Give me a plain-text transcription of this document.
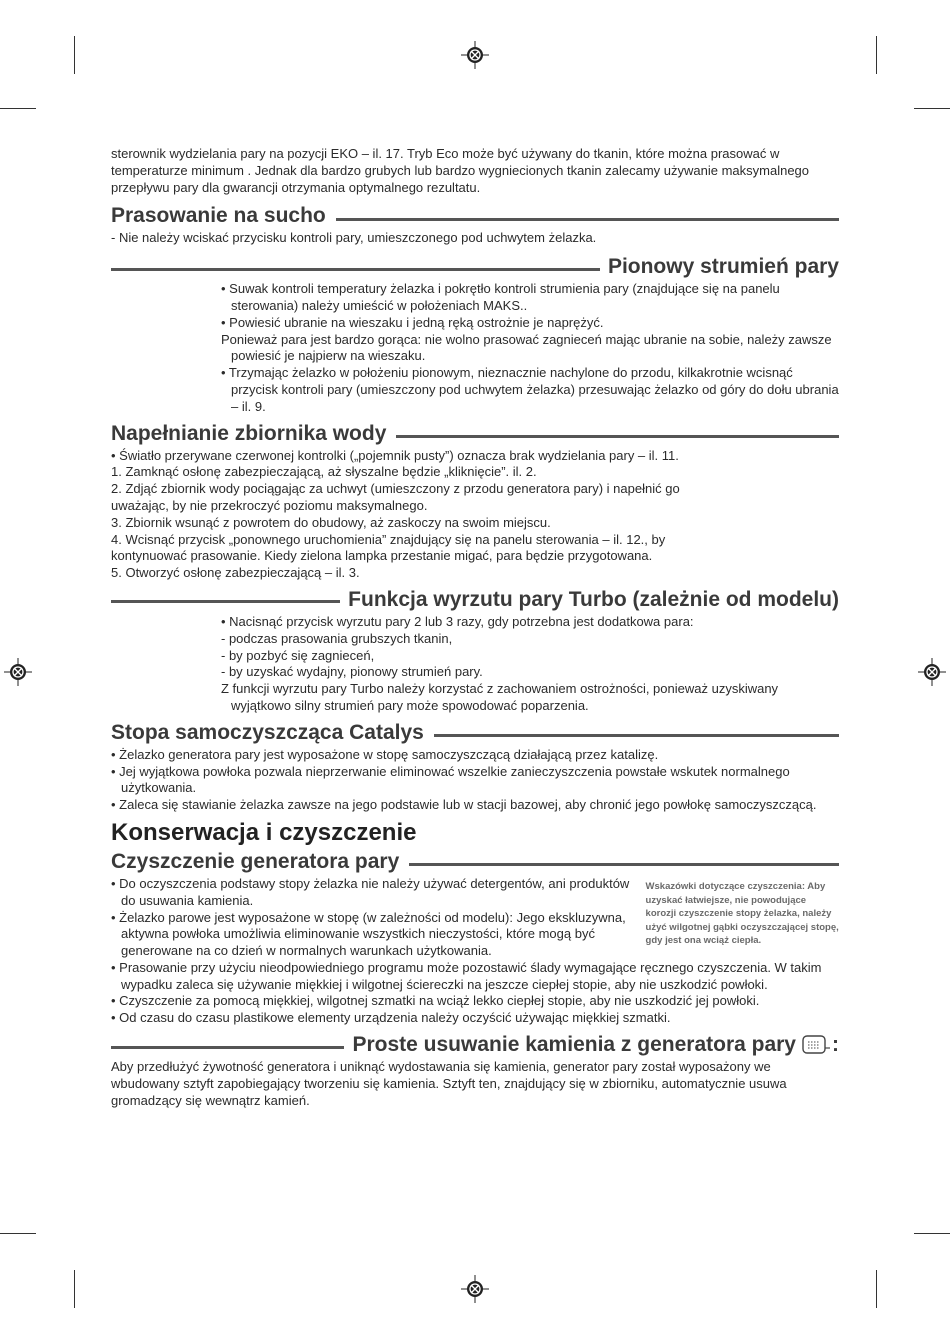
sterownik wydzielania pary na pozycji EKO – il. 17. Tryb Eco może być używany do tkanin, które można prasować w temperaturze minimum . Jednak dla bardzo grubych lub bardzo wygniecionych tkanin zalecamy używanie maksymalnego przepływu pary dla gwarancji otrzymania optymalnego rezultatu.

Prasowanie na sucho

- Nie należy wciskać przycisku kontroli pary, umieszczonego pod uchwytem żelazka.

Pionowy strumień pary

• Suwak kontroli temperatury żelazka i pokrętło kontroli strumienia pary (znajdujące się na panelu sterowania) należy umieścić w położeniach MAKS..

• Powiesić ubranie na wieszaku i jedną ręką ostrożnie je naprężyć.

Ponieważ para jest bardzo gorąca: nie wolno prasować zagnieceń mając ubranie na sobie, należy zawsze powiesić je najpierw na wieszaku.

• Trzymając żelazko w położeniu pionowym, nieznacznie nachylone do przodu, kilkakrotnie wcisnąć przycisk kontroli pary (umieszczony pod uchwytem żelazka) przesuwając żelazko od góry do dołu ubrania – il. 9.

Napełnianie zbiornika wody

• Światło przerywane czerwonej kontrolki („pojemnik pusty”) oznacza brak wydzielania pary – il. 11.

1. Zamknąć osłonę zabezpieczającą, aż słyszalne będzie „kliknięcie”. il. 2.

2. Zdjąć zbiornik wody pociągając za uchwyt (umieszczony z przodu generatora pary) i napełnić go uważając, by nie przekroczyć poziomu maksymalnego.

3. Zbiornik wsunąć z powrotem do obudowy, aż zaskoczy na swoim miejscu.

4. Wcisnąć przycisk „ponownego uruchomienia” znajdujący się na panelu sterowania – il. 12., by kontynuować prasowanie. Kiedy zielona lampka przestanie migać, para będzie przygotowana.

5. Otworzyć osłonę zabezpieczającą – il. 3.

Funkcja wyrzutu pary Turbo (zależnie od modelu)

• Nacisnąć przycisk wyrzutu pary 2 lub 3 razy, gdy potrzebna jest dodatkowa para:

- podczas prasowania grubszych tkanin,

- by pozbyć się zagnieceń,

- by uzyskać wydajny, pionowy strumień pary.

Z funkcji wyrzutu pary Turbo należy korzystać z zachowaniem ostrożności, ponieważ uzyskiwany wyjątkowo silny strumień pary może spowodować poparzenia.

Stopa samoczyszcząca Catalys

• Żelazko generatora pary jest wyposażone w stopę samoczyszczącą działającą przez katalizę.

• Jej wyjątkowa powłoka pozwala nieprzerwanie eliminować wszelkie zanieczyszczenia powstałe wskutek normalnego użytkowania.

• Zaleca się stawianie żelazka zawsze na jego podstawie lub w stacji bazowej, aby chronić jego powłokę samoczyszczącą.

Konserwacja i czyszczenie
Czyszczenie generatora pary

• Do oczyszczenia podstawy stopy żelazka nie należy używać detergentów, ani produktów do usuwania kamienia.

• Żelazko parowe jest wyposażone w stopę (w zależności od modelu): Jego ekskluzywna, aktywna powłoka umożliwia eliminowanie wszystkich nieczystości, które mogą być generowane na co dzień w normalnych warunkach użytkowania.

Wskazówki dotyczące czyszczenia: Aby uzyskać łatwiejsze, nie powodujące korozji czyszczenie stopy żelazka, należy użyć wilgotnej gąbki oczyszczającej stopę, gdy jest ona wciąż ciepła.

• Prasowanie przy użyciu nieodpowiedniego programu może pozostawić ślady wymagające ręcznego czyszczenia. W takim wypadku zaleca się używanie miękkiej i wilgotnej ściereczki na jeszcze ciepłej stopie, aby nie uszkodzić powłoki.

• Czyszczenie za pomocą miękkiej, wilgotnej szmatki na wciąż lekko ciepłej stopie, aby nie uszkodzić jej powłoki.

• Od czasu do czasu plastikowe elementy urządzenia należy oczyścić używając miękkiej szmatki.

Proste usuwanie kamienia z generatora pary :

Aby przedłużyć żywotność generatora i uniknąć wydostawania się kamienia, generator pary został wyposażony we wbudowany sztyft zapobiegający tworzeniu się kamienia. Sztyft ten, znajdujący się w zbiorniku, automatycznie usuwa gromadzący się wewnątrz kamień.
